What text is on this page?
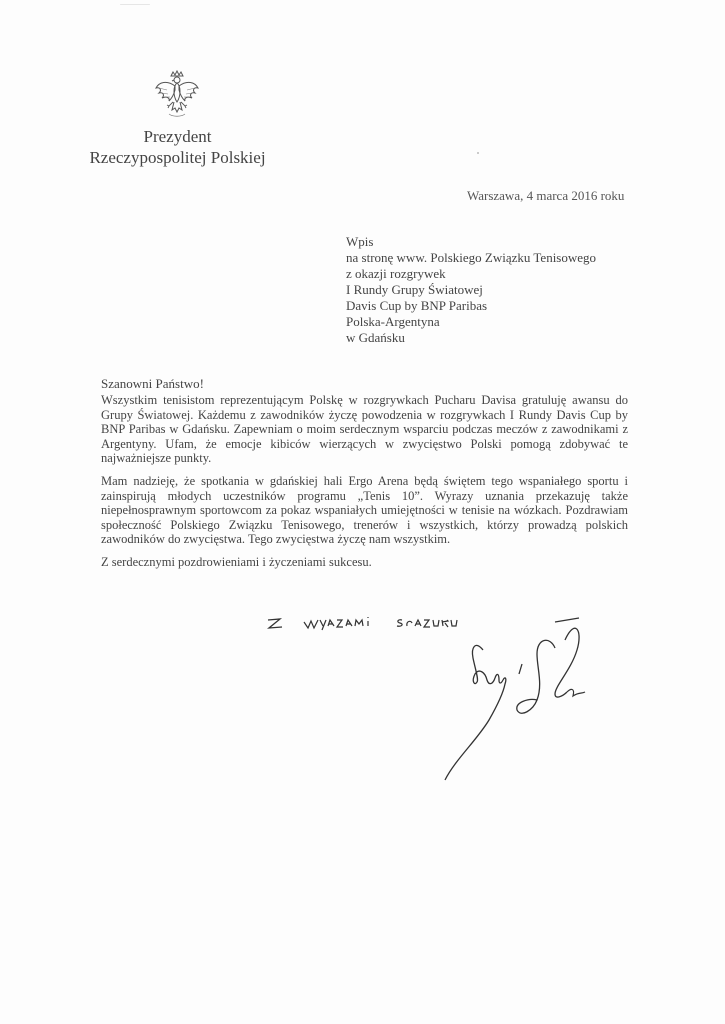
Prezydent
Rzeczypospolitej Polskiej
Warszawa, 4 marca 2016 roku
Wpis
na stronę www. Polskiego Związku Tenisowego
z okazji rozgrywek
I Rundy Grupy Światowej
Davis Cup by BNP Paribas
Polska-Argentyna
w Gdańsku
Szanowni Państwo!
Wszystkim tenisistom reprezentującym Polskę w rozgrywkach Pucharu Davisa gratuluję awansu do Grupy Światowej. Każdemu z zawodników życzę powodzenia w rozgrywkach I Rundy Davis Cup by BNP Paribas w Gdańsku. Zapewniam o moim serdecznym wsparciu podczas meczów z zawodnikami z Argentyny. Ufam, że emocje kibiców wierzących w zwycięstwo Polski pomogą zdobywać te najważniejsze punkty.
Mam nadzieję, że spotkania w gdańskiej hali Ergo Arena będą świętem tego wspaniałego sportu i zainspirują młodych uczestników programu „Tenis 10”. Wyrazy uznania przekazuję także niepełnosprawnym sportowcom za pokaz wspaniałych umiejętności w tenisie na wózkach. Pozdrawiam społeczność Polskiego Związku Tenisowego, trenerów i wszystkich, którzy prowadzą polskich zawodników do zwycięstwa. Tego zwycięstwa życzę nam wszystkim.
Z serdecznymi pozdrowieniami i życzeniami sukcesu.
